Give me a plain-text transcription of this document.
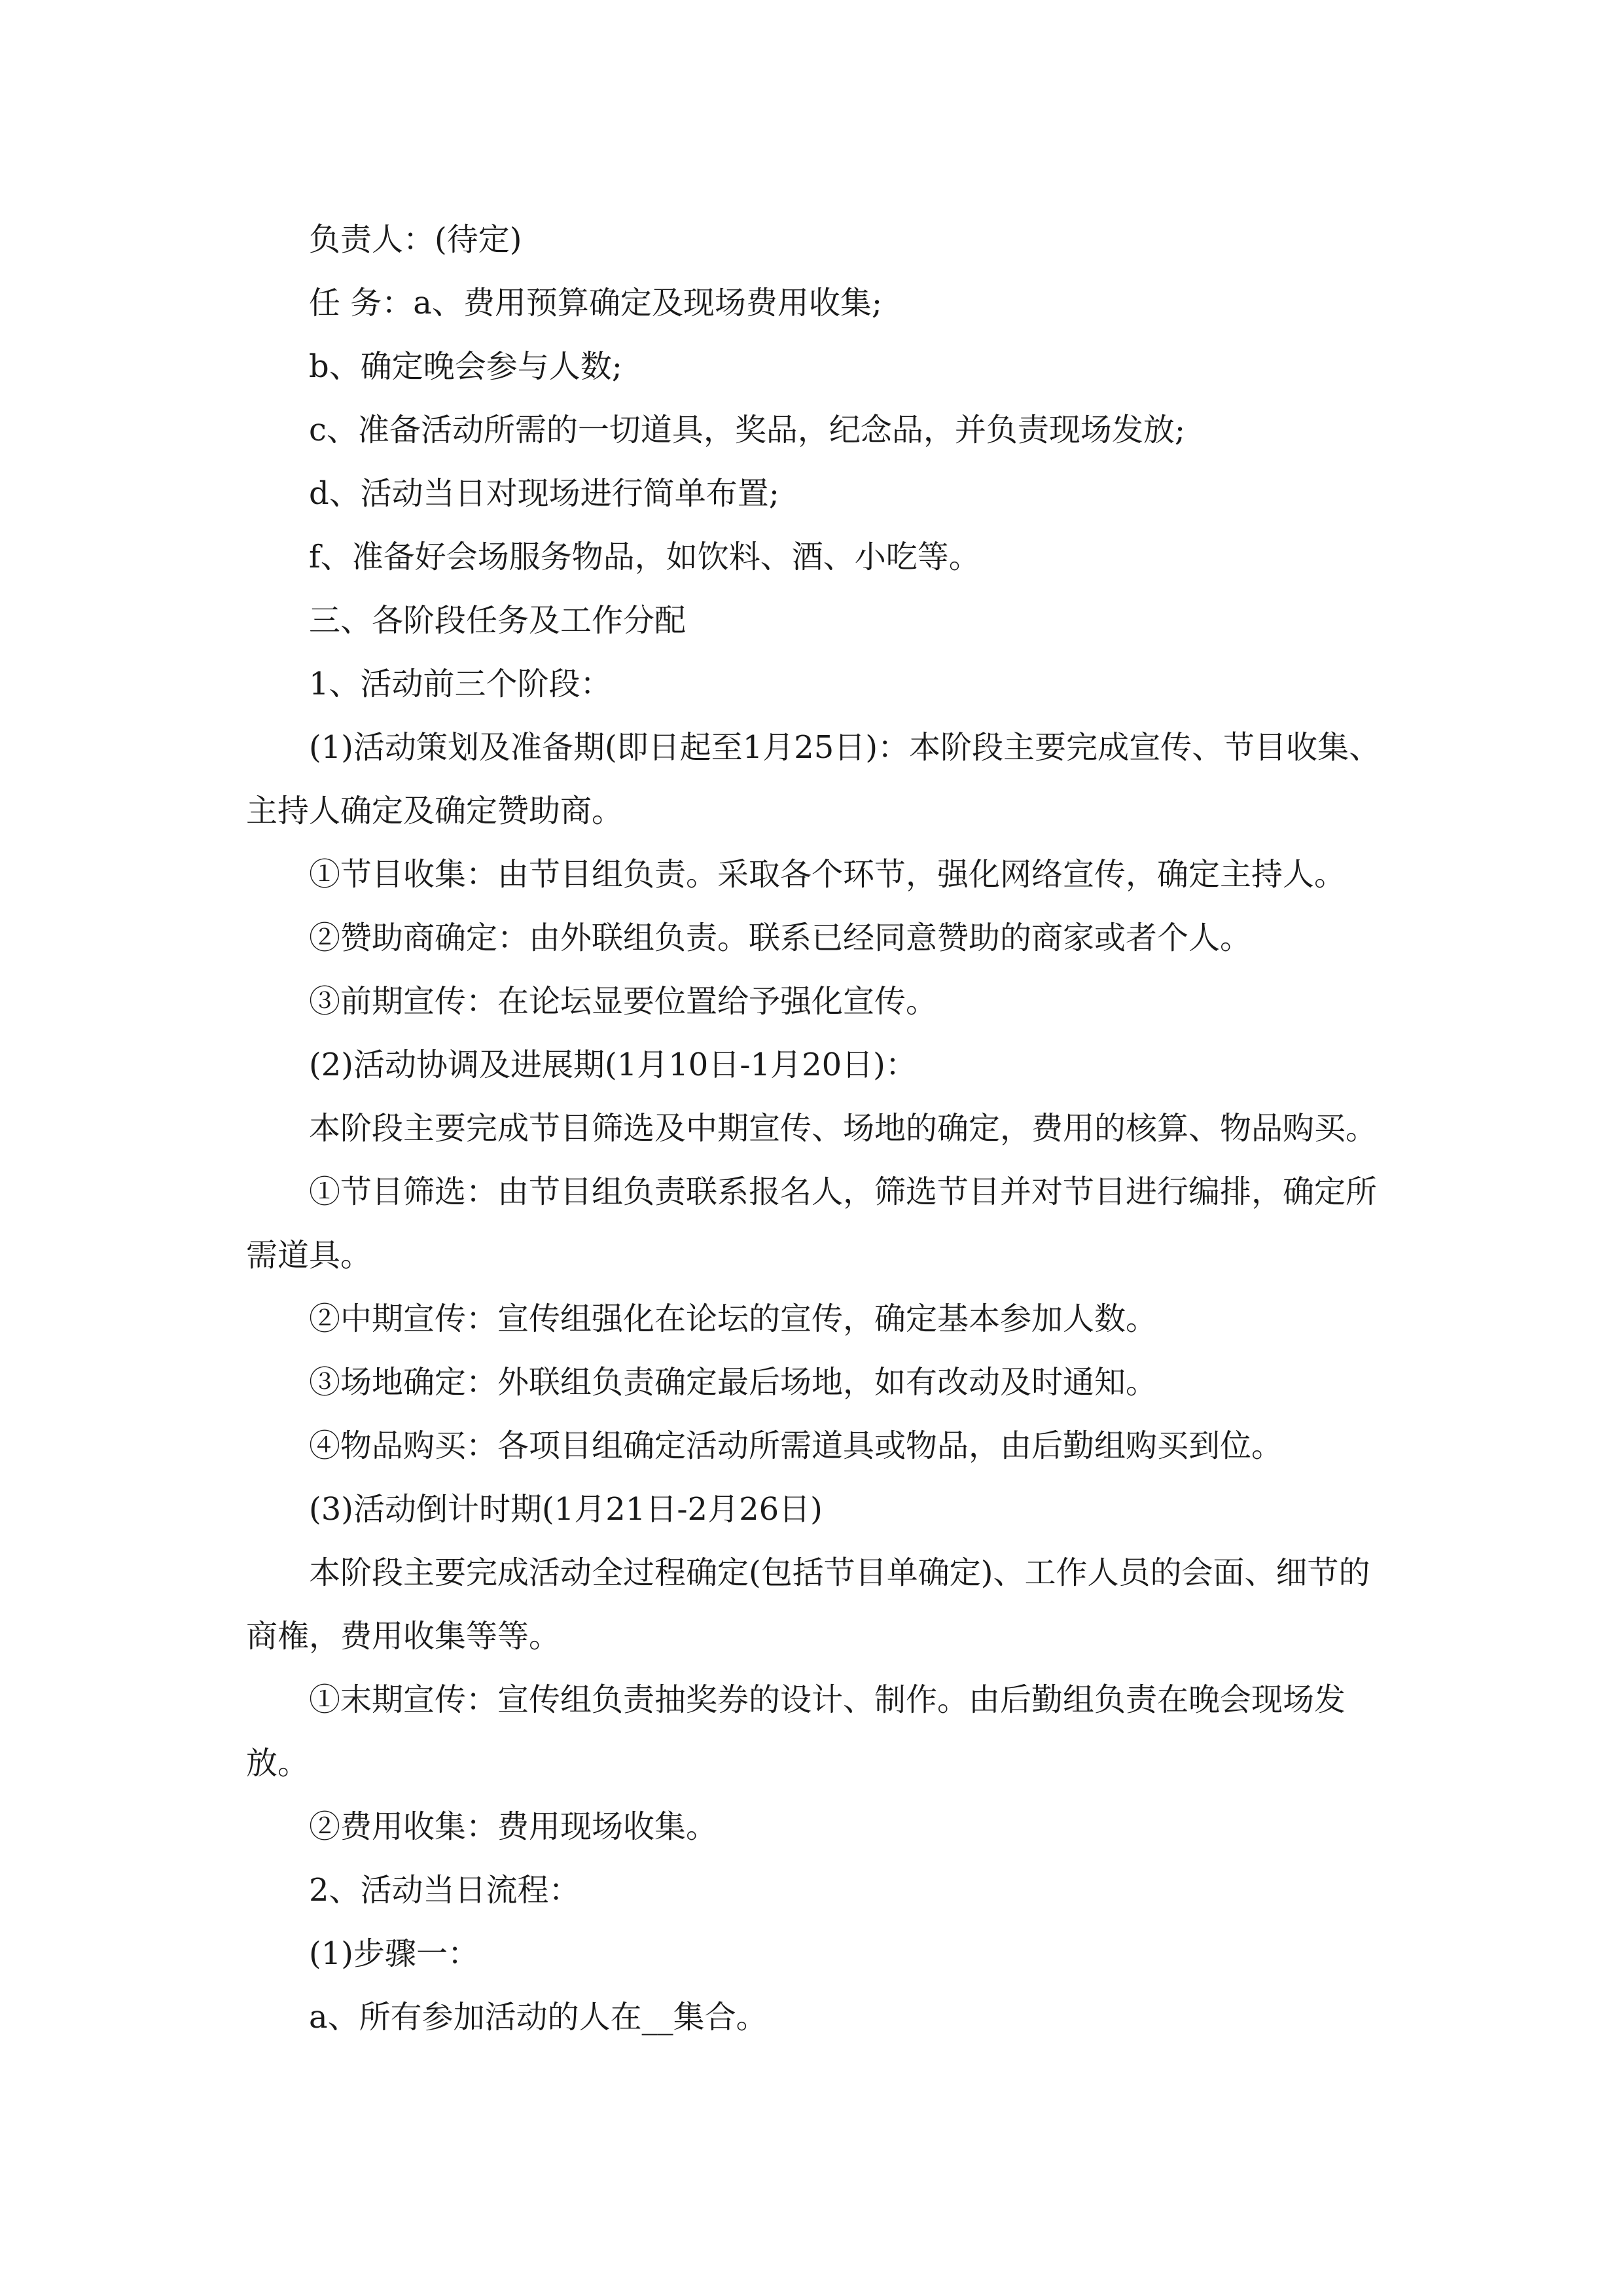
负责人：(待定)

任 务：a、费用预算确定及现场费用收集;

b、确定晚会参与人数;

c、准备活动所需的一切道具，奖品，纪念品，并负责现场发放;

d、活动当日对现场进行简单布置;

f、准备好会场服务物品，如饮料、酒、小吃等。

三、各阶段任务及工作分配

1、活动前三个阶段：

(1)活动策划及准备期(即日起至1月25日)：本阶段主要完成宣传、节目收集、主持人确定及确定赞助商。

①节目收集：由节目组负责。采取各个环节，强化网络宣传，确定主持人。

②赞助商确定：由外联组负责。联系已经同意赞助的商家或者个人。

③前期宣传：在论坛显要位置给予强化宣传。

(2)活动协调及进展期(1月10日-1月20日)：

本阶段主要完成节目筛选及中期宣传、场地的确定，费用的核算、物品购买。

①节目筛选：由节目组负责联系报名人，筛选节目并对节目进行编排，确定所需道具。

②中期宣传：宣传组强化在论坛的宣传，确定基本参加人数。

③场地确定：外联组负责确定最后场地，如有改动及时通知。

④物品购买：各项目组确定活动所需道具或物品，由后勤组购买到位。

(3)活动倒计时期(1月21日-2月26日)

本阶段主要完成活动全过程确定(包括节目单确定)、工作人员的会面、细节的商権，费用收集等等。

①末期宣传：宣传组负责抽奖券的设计、制作。由后勤组负责在晚会现场发放。

②费用收集：费用现场收集。

2、活动当日流程：

(1)步骤一：

a、所有参加活动的人在__集合。
